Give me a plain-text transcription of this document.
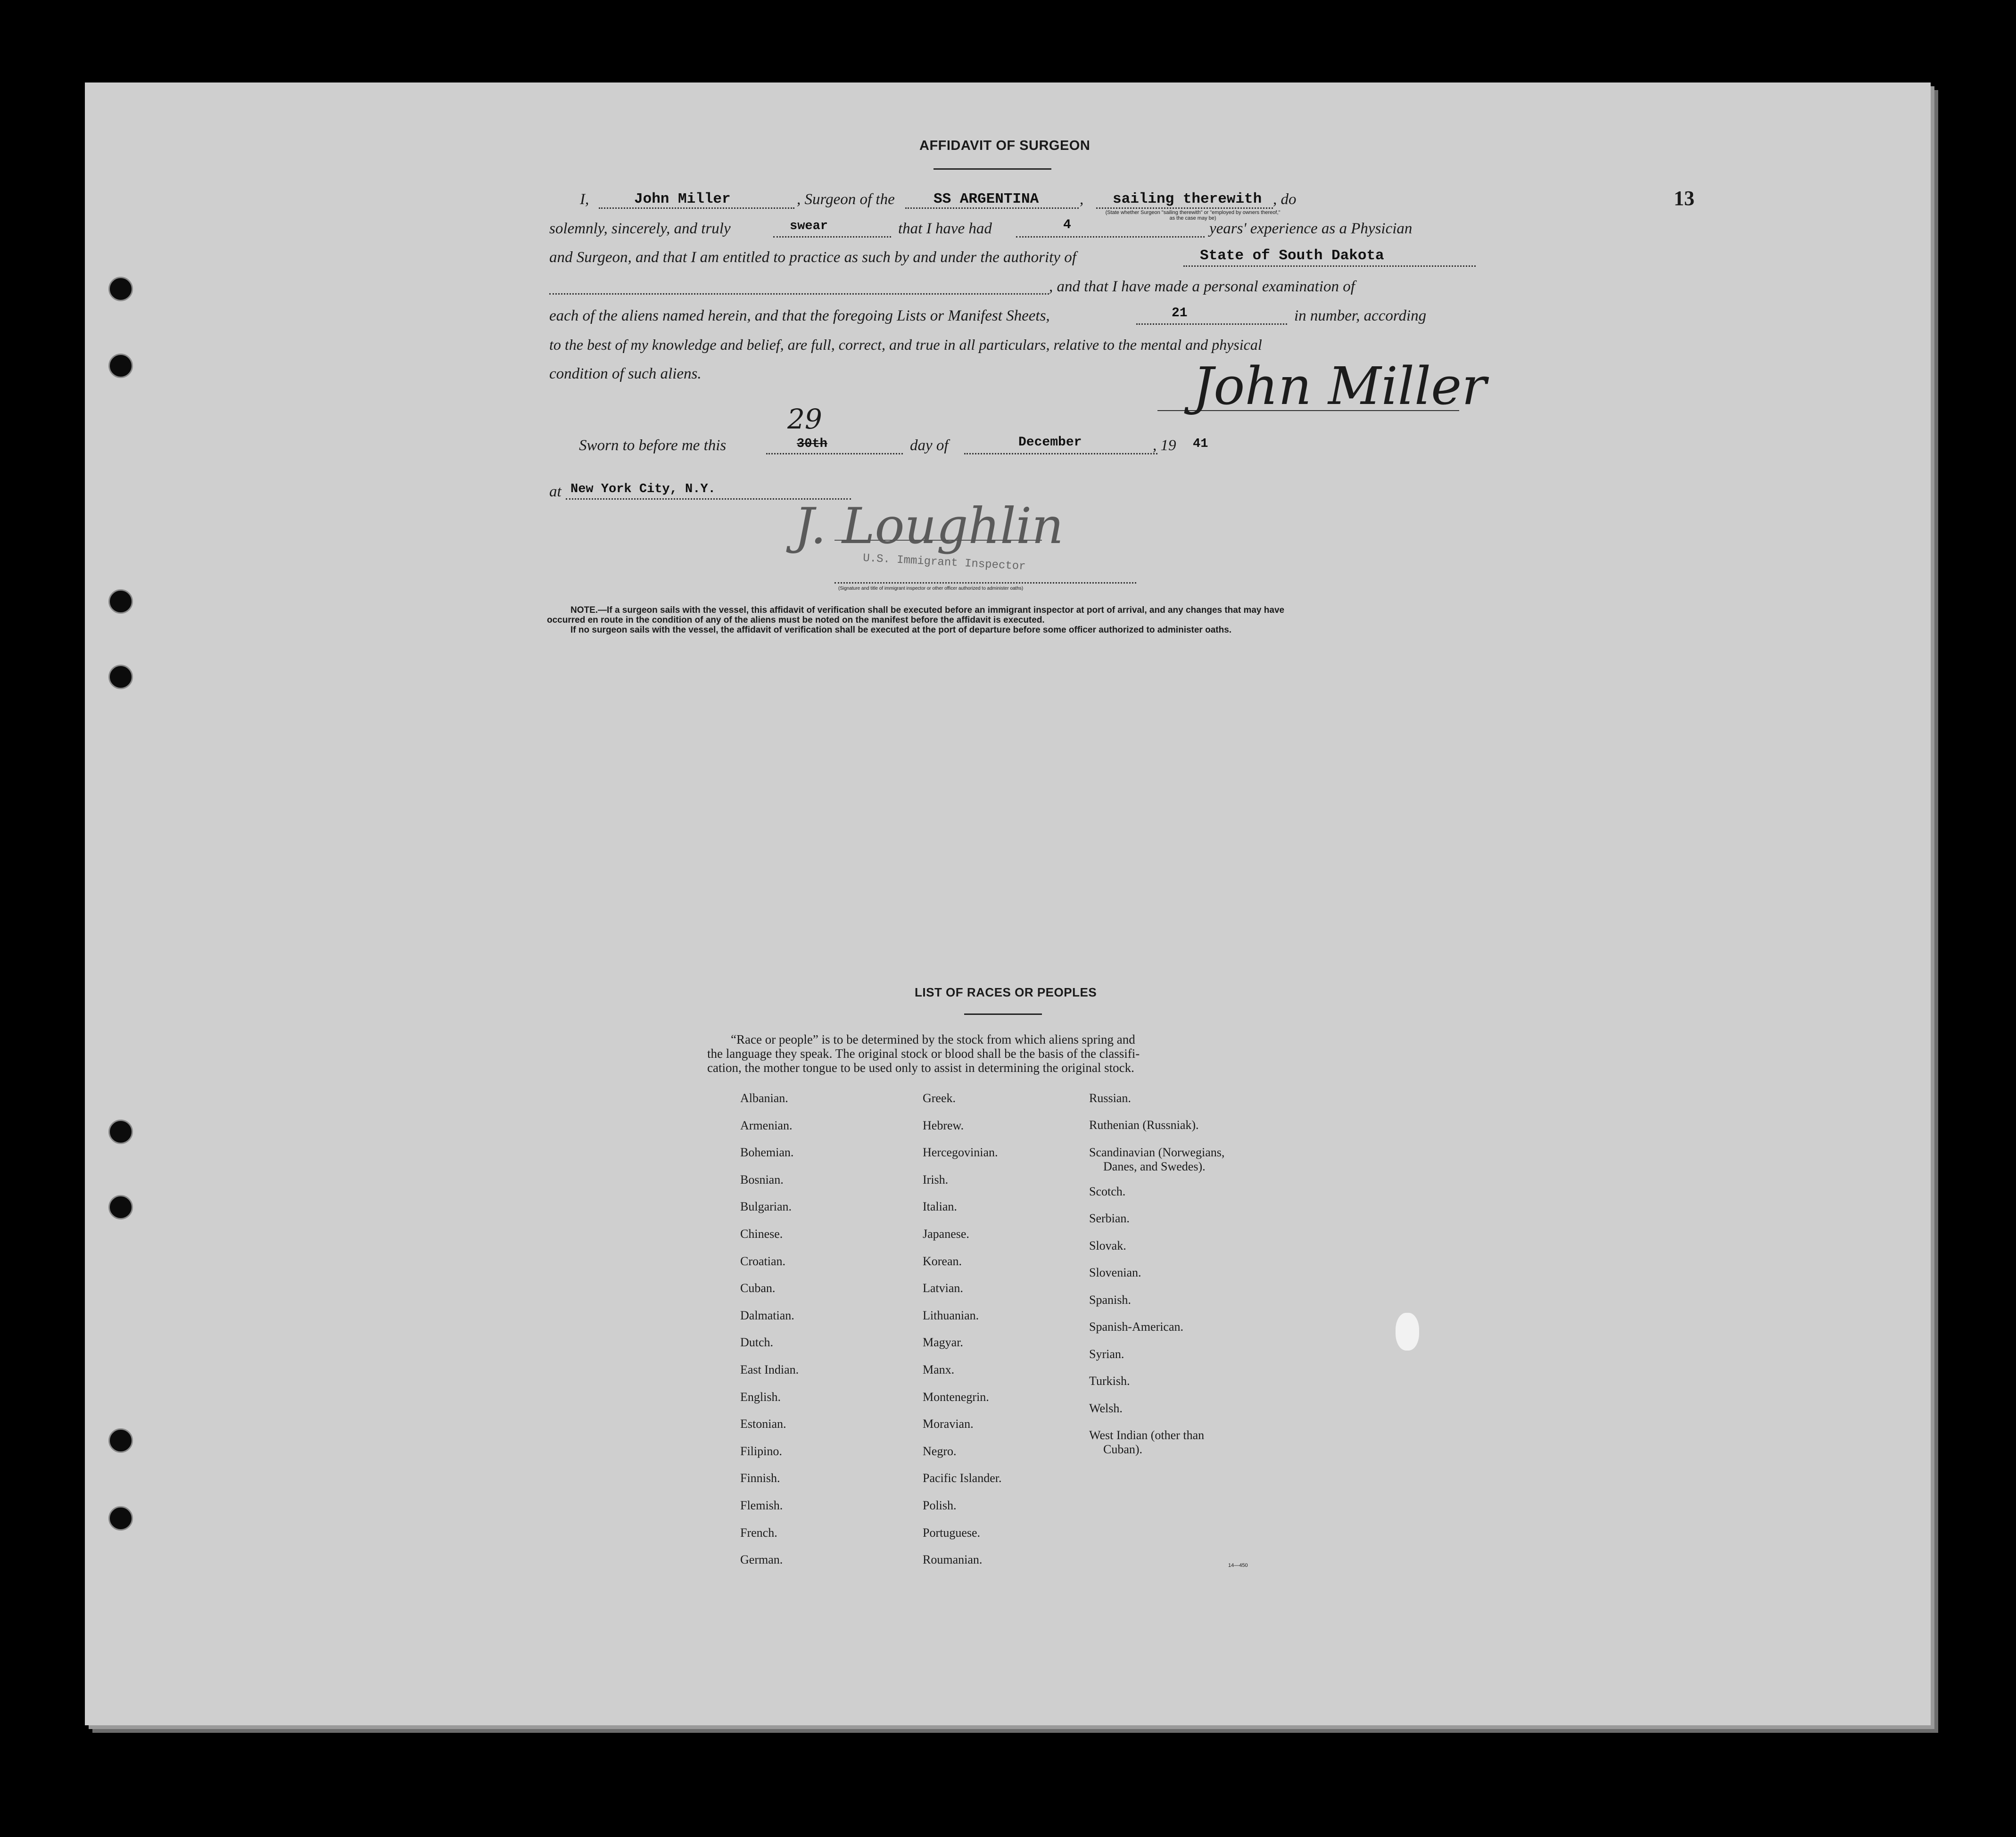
13
AFFIDAVIT OF SURGEON
I,	John Miller	, Surgeon of the	SS ARGENTINA	, sailing therewith , do
(State whether Surgeon "sailing therewith" or "employed by owners thereof," as the case may be)
solemnly, sincerely, and truly	swear	that I have had	4	years' experience as a Physician
and Surgeon, and that I am entitled to practice as such by and under the authority of	State of South Dakota
, and that I have made a personal examination of
each of the aliens named herein, and that the foregoing Lists or Manifest Sheets,	21	in number, according
to the best of my knowledge and belief, are full, correct, and true in all particulars, relative to the mental and physical
condition of such aliens.	John Miller
Sworn to before me this	30th
29
day of	December	, 19 41
at New York City, N.Y.
J. Loughlin
U.S. Immigrant Inspector
(Signature and title of immigrant inspector or other officer authorized to administer oaths)
NOTE.—If a surgeon sails with the vessel, this affidavit of verification shall be executed before an immigrant inspector at port of arrival, and any changes that may have
occurred en route in the condition of any of the aliens must be noted on the manifest before the affidavit is executed.
If no surgeon sails with the vessel, the affidavit of verification shall be executed at the port of departure before some officer authorized to administer oaths.
LIST OF RACES OR PEOPLES
“Race or people” is to be determined by the stock from which aliens spring and
the language they speak. The original stock or blood shall be the basis of the classifi-
cation, the mother tongue to be used only to assist in determining the original stock.
Albanian.
Armenian.
Bohemian.
Bosnian.
Bulgarian.
Chinese.
Croatian.
Cuban.
Dalmatian.
Dutch.
East Indian.
English.
Estonian.
Filipino.
Finnish.
Flemish.
French.
German.
Greek.
Hebrew.
Hercegovinian.
Irish.
Italian.
Japanese.
Korean.
Latvian.
Lithuanian.
Magyar.
Manx.
Montenegrin.
Moravian.
Negro.
Pacific Islander.
Polish.
Portuguese.
Roumanian.
Russian.
Ruthenian (Russniak).
Scandinavian (Norwegians,
Danes, and Swedes).
Scotch.
Serbian.
Slovak.
Slovenian.
Spanish.
Spanish-American.
Syrian.
Turkish.
Welsh.
West Indian (other than
Cuban).
14—450
